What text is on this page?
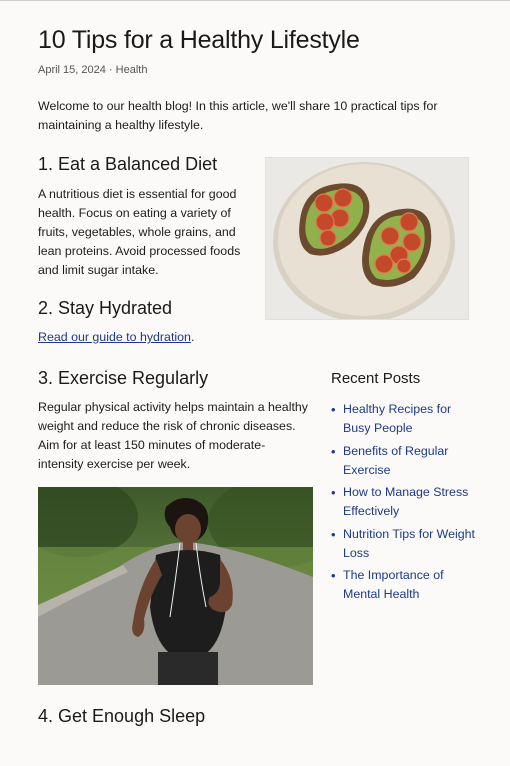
10 Tips for a Healthy Lifestyle
April 15, 2024 · Health

Welcome to our health blog! In this article, we'll share 10 practical tips for maintaining a healthy lifestyle.

1. Eat a Balanced Diet

A nutritious diet is essential for good health. Focus on eating a variety of fruits, vegetables, whole grains, and lean proteins. Avoid processed foods and limit sugar intake.

2. Stay Hydrated

Read our guide to hydration.

3. Exercise Regularly

Regular physical activity helps maintain a healthy weight and reduce the risk of chronic diseases. Aim for at least 150 minutes of moderate-intensity exercise per week.

4. Get Enough Sleep
Recent Posts
• Healthy Recipes for Busy People
• Benefits of Regular Exercise
• How to Manage Stress Effectively
• Nutrition Tips for Weight Loss
• The Importance of Mental Health
